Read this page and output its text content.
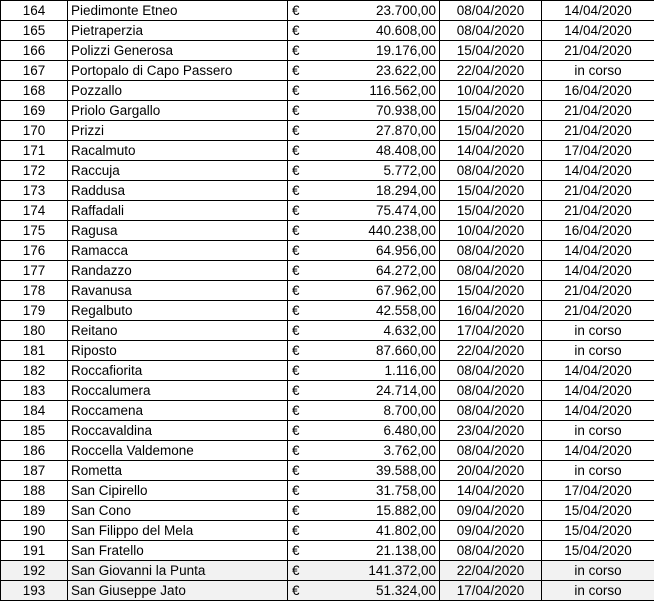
164	Piedimonte Etneo	€ 23.700,00	08/04/2020	14/04/2020
165	Pietraperzia	€ 40.608,00	08/04/2020	14/04/2020
166	Polizzi Generosa	€ 19.176,00	15/04/2020	21/04/2020
167	Portopalo di Capo Passero	€ 23.622,00	22/04/2020	in corso
168	Pozzallo	€ 116.562,00	10/04/2020	16/04/2020
169	Priolo Gargallo	€ 70.938,00	15/04/2020	21/04/2020
170	Prizzi	€ 27.870,00	15/04/2020	21/04/2020
171	Racalmuto	€ 48.408,00	14/04/2020	17/04/2020
172	Raccuja	€ 5.772,00	08/04/2020	14/04/2020
173	Raddusa	€ 18.294,00	15/04/2020	21/04/2020
174	Raffadali	€ 75.474,00	15/04/2020	21/04/2020
175	Ragusa	€ 440.238,00	10/04/2020	16/04/2020
176	Ramacca	€ 64.956,00	08/04/2020	14/04/2020
177	Randazzo	€ 64.272,00	08/04/2020	14/04/2020
178	Ravanusa	€ 67.962,00	15/04/2020	21/04/2020
179	Regalbuto	€ 42.558,00	16/04/2020	21/04/2020
180	Reitano	€ 4.632,00	17/04/2020	in corso
181	Riposto	€ 87.660,00	22/04/2020	in corso
182	Roccafiorita	€ 1.116,00	08/04/2020	14/04/2020
183	Roccalumera	€ 24.714,00	08/04/2020	14/04/2020
184	Roccamena	€ 8.700,00	08/04/2020	14/04/2020
185	Roccavaldina	€ 6.480,00	23/04/2020	in corso
186	Roccella Valdemone	€ 3.762,00	08/04/2020	14/04/2020
187	Rometta	€ 39.588,00	20/04/2020	in corso
188	San Cipirello	€ 31.758,00	14/04/2020	17/04/2020
189	San Cono	€ 15.882,00	09/04/2020	15/04/2020
190	San Filippo del Mela	€ 41.802,00	09/04/2020	15/04/2020
191	San Fratello	€ 21.138,00	08/04/2020	15/04/2020
192	San Giovanni la Punta	€ 141.372,00	22/04/2020	in corso
193	San Giuseppe Jato	€ 51.324,00	17/04/2020	in corso
